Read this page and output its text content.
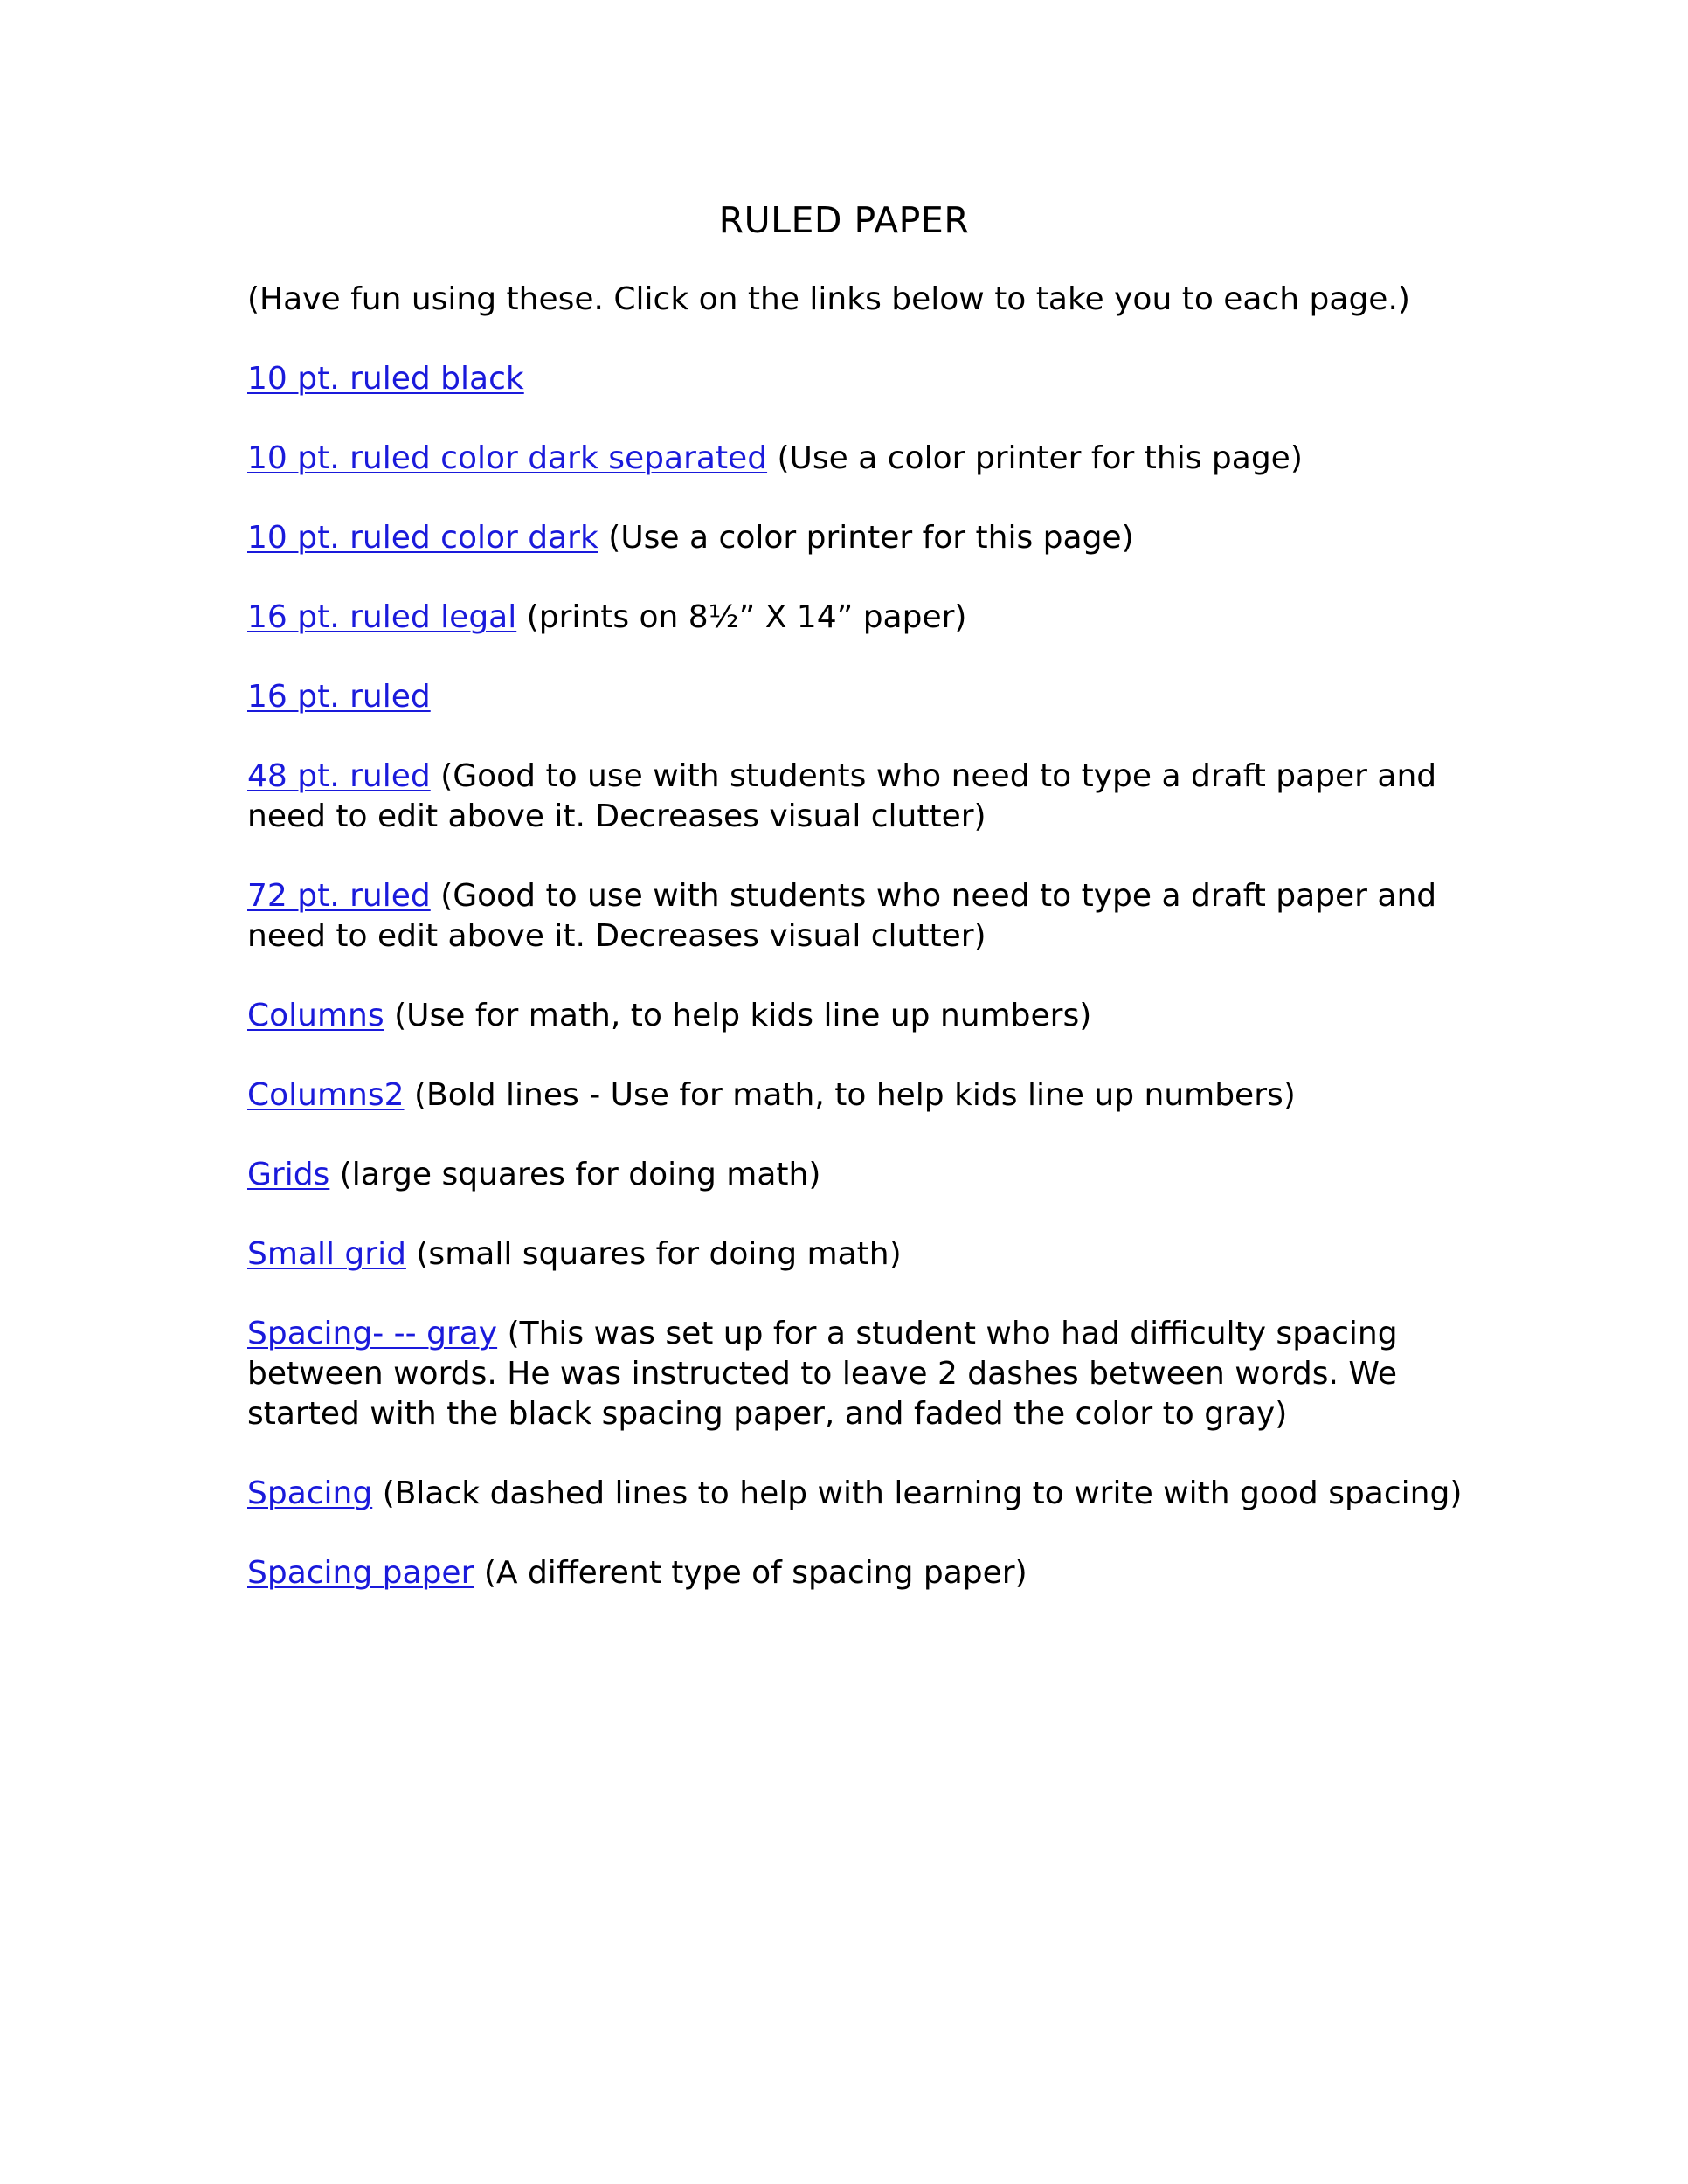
RULED PAPER

(Have fun using these. Click on the links below to take you to each page.)

10 pt. ruled black

10 pt. ruled color dark separated (Use a color printer for this page)

10 pt. ruled color dark (Use a color printer for this page)

16 pt. ruled legal (prints on 8½” X 14” paper)

16 pt. ruled

48 pt. ruled (Good to use with students who need to type a draft paper and need to edit above it. Decreases visual clutter)

72 pt. ruled (Good to use with students who need to type a draft paper and need to edit above it. Decreases visual clutter)

Columns (Use for math, to help kids line up numbers)

Columns2 (Bold lines - Use for math, to help kids line up numbers)

Grids (large squares for doing math)

Small grid (small squares for doing math)

Spacing- -- gray (This was set up for a student who had difficulty spacing between words. He was instructed to leave 2 dashes between words. We started with the black spacing paper, and faded the color to gray)

Spacing (Black dashed lines to help with learning to write with good spacing)

Spacing paper (A different type of spacing paper)
